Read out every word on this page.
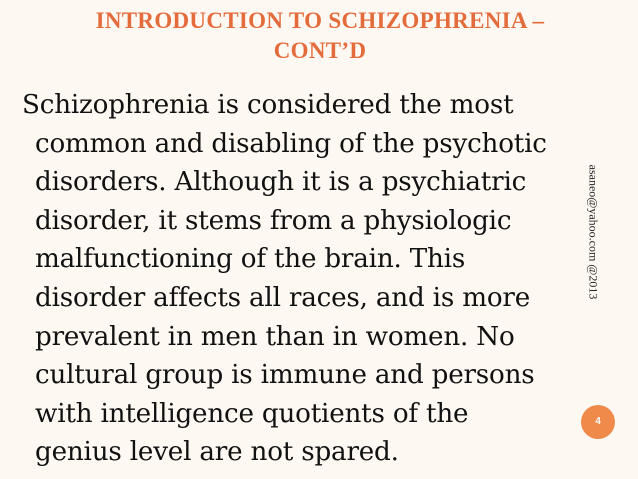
INTRODUCTION TO SCHIZOPHRENIA –
CONT’D
Schizophrenia is considered the most
common and disabling of the psychotic
disorders. Although it is a psychiatric
disorder, it stems from a physiologic
malfunctioning of the brain. This
disorder affects all races, and is more
prevalent in men than in women. No
cultural group is immune and persons
with intelligence quotients of the
genius level are not spared.
asaneo@yahoo.com @2013
4
